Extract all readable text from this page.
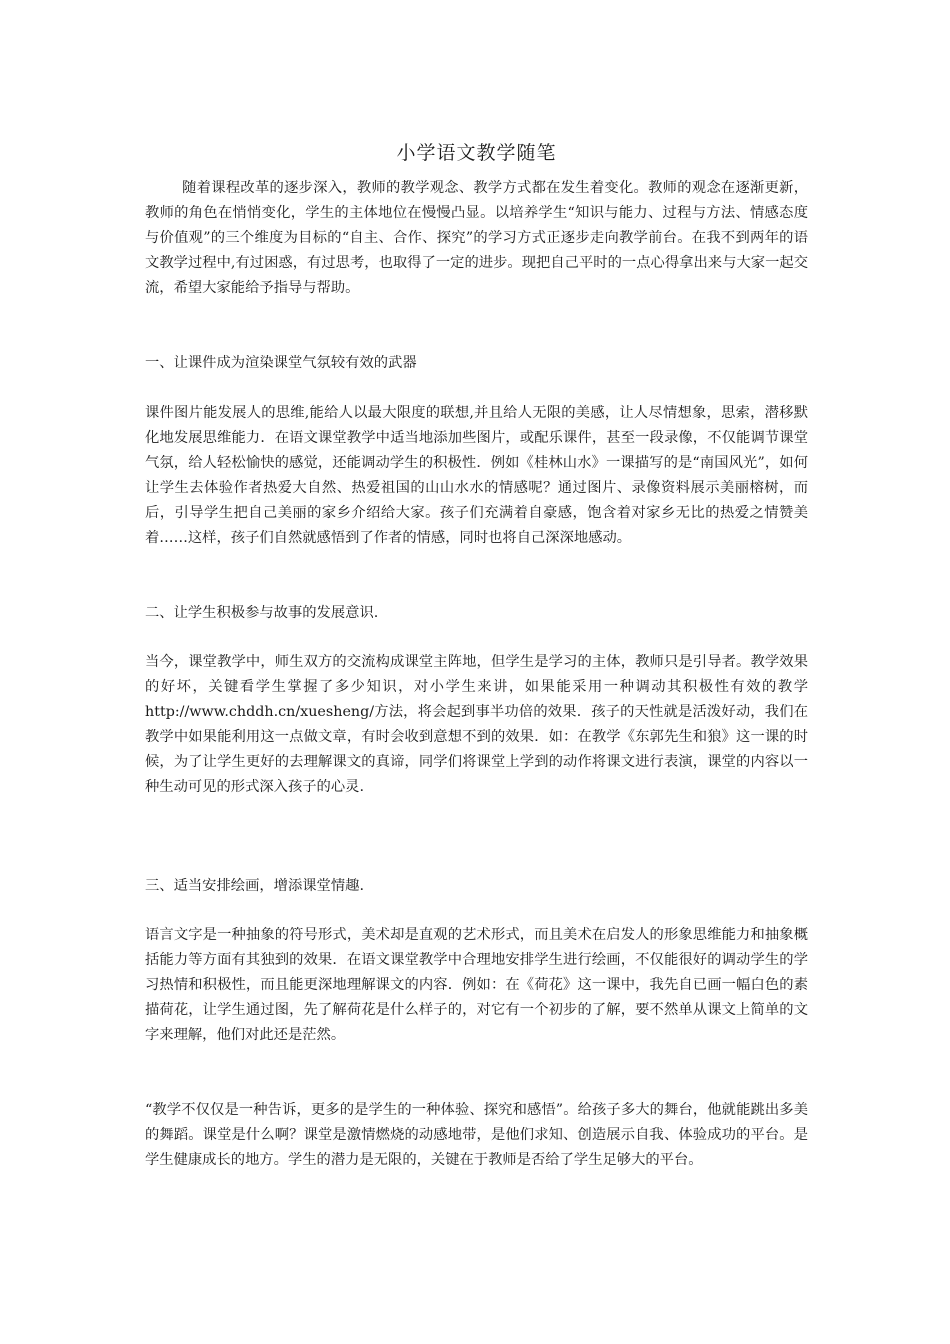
小学语文教学随笔

随着课程改革的逐步深入，教师的教学观念、教学方式都在发生着变化。教师的观念在逐渐更新，教师的角色在悄悄变化，学生的主体地位在慢慢凸显。以培养学生“知识与能力、过程与方法、情感态度与价值观”的三个维度为目标的“自主、合作、探究”的学习方式正逐步走向教学前台。在我不到两年的语文教学过程中,有过困惑，有过思考，也取得了一定的进步。现把自己平时的一点心得拿出来与大家一起交流，希望大家能给予指导与帮助。

一、让课件成为渲染课堂气氛较有效的武器

课件图片能发展人的思维,能给人以最大限度的联想,并且给人无限的美感，让人尽情想象，思索，潜移默化地发展思维能力．在语文课堂教学中适当地添加些图片，或配乐课件，甚至一段录像，不仅能调节课堂气氛，给人轻松愉快的感觉，还能调动学生的积极性．例如《桂林山水》一课描写的是“南国风光”，如何让学生去体验作者热爱大自然、热爱祖国的山山水水的情感呢？通过图片、录像资料展示美丽榕树，而后，引导学生把自己美丽的家乡介绍给大家。孩子们充满着自豪感，饱含着对家乡无比的热爱之情赞美着……这样，孩子们自然就感悟到了作者的情感，同时也将自己深深地感动。

二、让学生积极参与故事的发展意识.

当今，课堂教学中，师生双方的交流构成课堂主阵地，但学生是学习的主体，教师只是引导者。教学效果的好坏，关键看学生掌握了多少知识，对小学生来讲，如果能采用一种调动其积极性有效的教学 http://www.chddh.cn/xuesheng/方法，将会起到事半功倍的效果．孩子的天性就是活泼好动，我们在教学中如果能利用这一点做文章，有时会收到意想不到的效果．如：在教学《东郭先生和狼》这一课的时候，为了让学生更好的去理解课文的真谛，同学们将课堂上学到的动作将课文进行表演，课堂的内容以一种生动可见的形式深入孩子的心灵.

三、适当安排绘画，增添课堂情趣.

语言文字是一种抽象的符号形式，美术却是直观的艺术形式，而且美术在启发人的形象思维能力和抽象概括能力等方面有其独到的效果．在语文课堂教学中合理地安排学生进行绘画，不仅能很好的调动学生的学习热情和积极性，而且能更深地理解课文的内容．例如：在《荷花》这一课中，我先自已画一幅白色的素描荷花，让学生通过图，先了解荷花是什么样子的，对它有一个初步的了解，要不然单从课文上简单的文字来理解，他们对此还是茫然。

“教学不仅仅是一种告诉，更多的是学生的一种体验、探究和感悟”。给孩子多大的舞台，他就能跳出多美的舞蹈。课堂是什么啊？课堂是激情燃烧的动感地带，是他们求知、创造展示自我、体验成功的平台。是学生健康成长的地方。学生的潜力是无限的，关键在于教师是否给了学生足够大的平台。
